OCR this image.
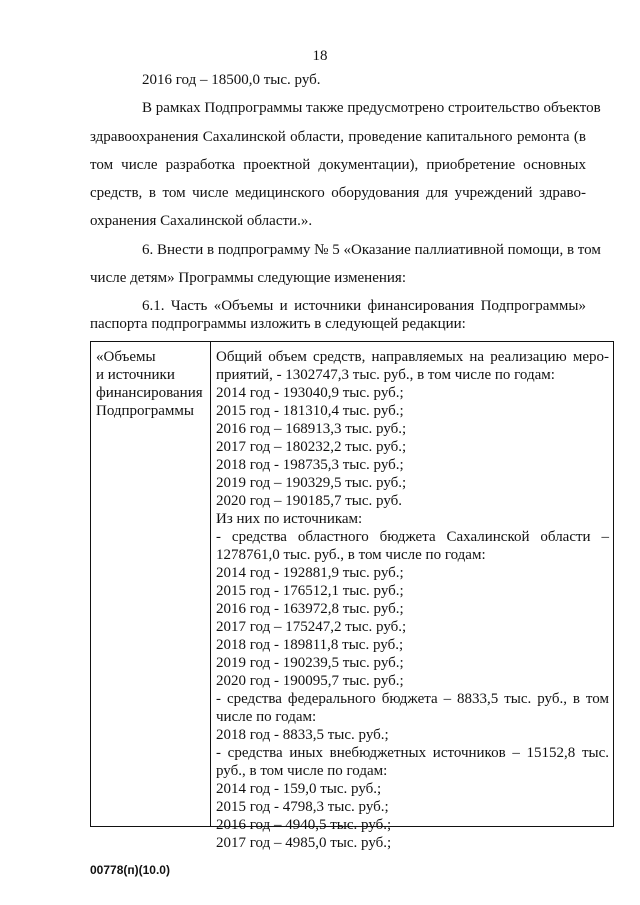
18
2016 год – 18500,0 тыс. руб.
В рамках Подпрограммы также предусмотрено строительство объектов
здравоохранения Сахалинской области, проведение капитального ремонта (в
том числе разработка проектной документации), приобретение основных
средств, в том числе медицинского оборудования для учреждений здраво-
охранения Сахалинской области.».
6. Внести в подпрограмму № 5 «Оказание паллиативной помощи, в том
числе детям» Программы следующие изменения:
6.1. Часть «Объемы и источники финансирования Подпрограммы»
паспорта подпрограммы изложить в следующей редакции:
«Объемы
и источники
финансирования
Подпрограммы
Общий объем средств, направляемых на реализацию меро-
приятий, - 1302747,3 тыс. руб., в том числе по годам:
2014 год - 193040,9 тыс. руб.;
2015 год - 181310,4 тыс. руб.;
2016 год – 168913,3 тыс. руб.;
2017 год – 180232,2 тыс. руб.;
2018 год - 198735,3 тыс. руб.;
2019 год – 190329,5 тыс. руб.;
2020 год – 190185,7 тыс. руб.
Из них по источникам:
- средства областного бюджета Сахалинской области –
1278761,0 тыс. руб., в том числе по годам:
2014 год - 192881,9 тыс. руб.;
2015 год - 176512,1 тыс. руб.;
2016 год - 163972,8 тыс. руб.;
2017 год – 175247,2 тыс. руб.;
2018 год - 189811,8 тыс. руб.;
2019 год - 190239,5 тыс. руб.;
2020 год - 190095,7 тыс. руб.;
- средства федерального бюджета – 8833,5 тыс. руб., в том
числе по годам:
2018 год - 8833,5 тыс. руб.;
- средства иных внебюджетных источников – 15152,8 тыс.
руб., в том числе по годам:
2014 год - 159,0 тыс. руб.;
2015 год - 4798,3 тыс. руб.;
2016 год – 4940,5 тыс. руб.;
2017 год – 4985,0 тыс. руб.;
00778(п)(10.0)
